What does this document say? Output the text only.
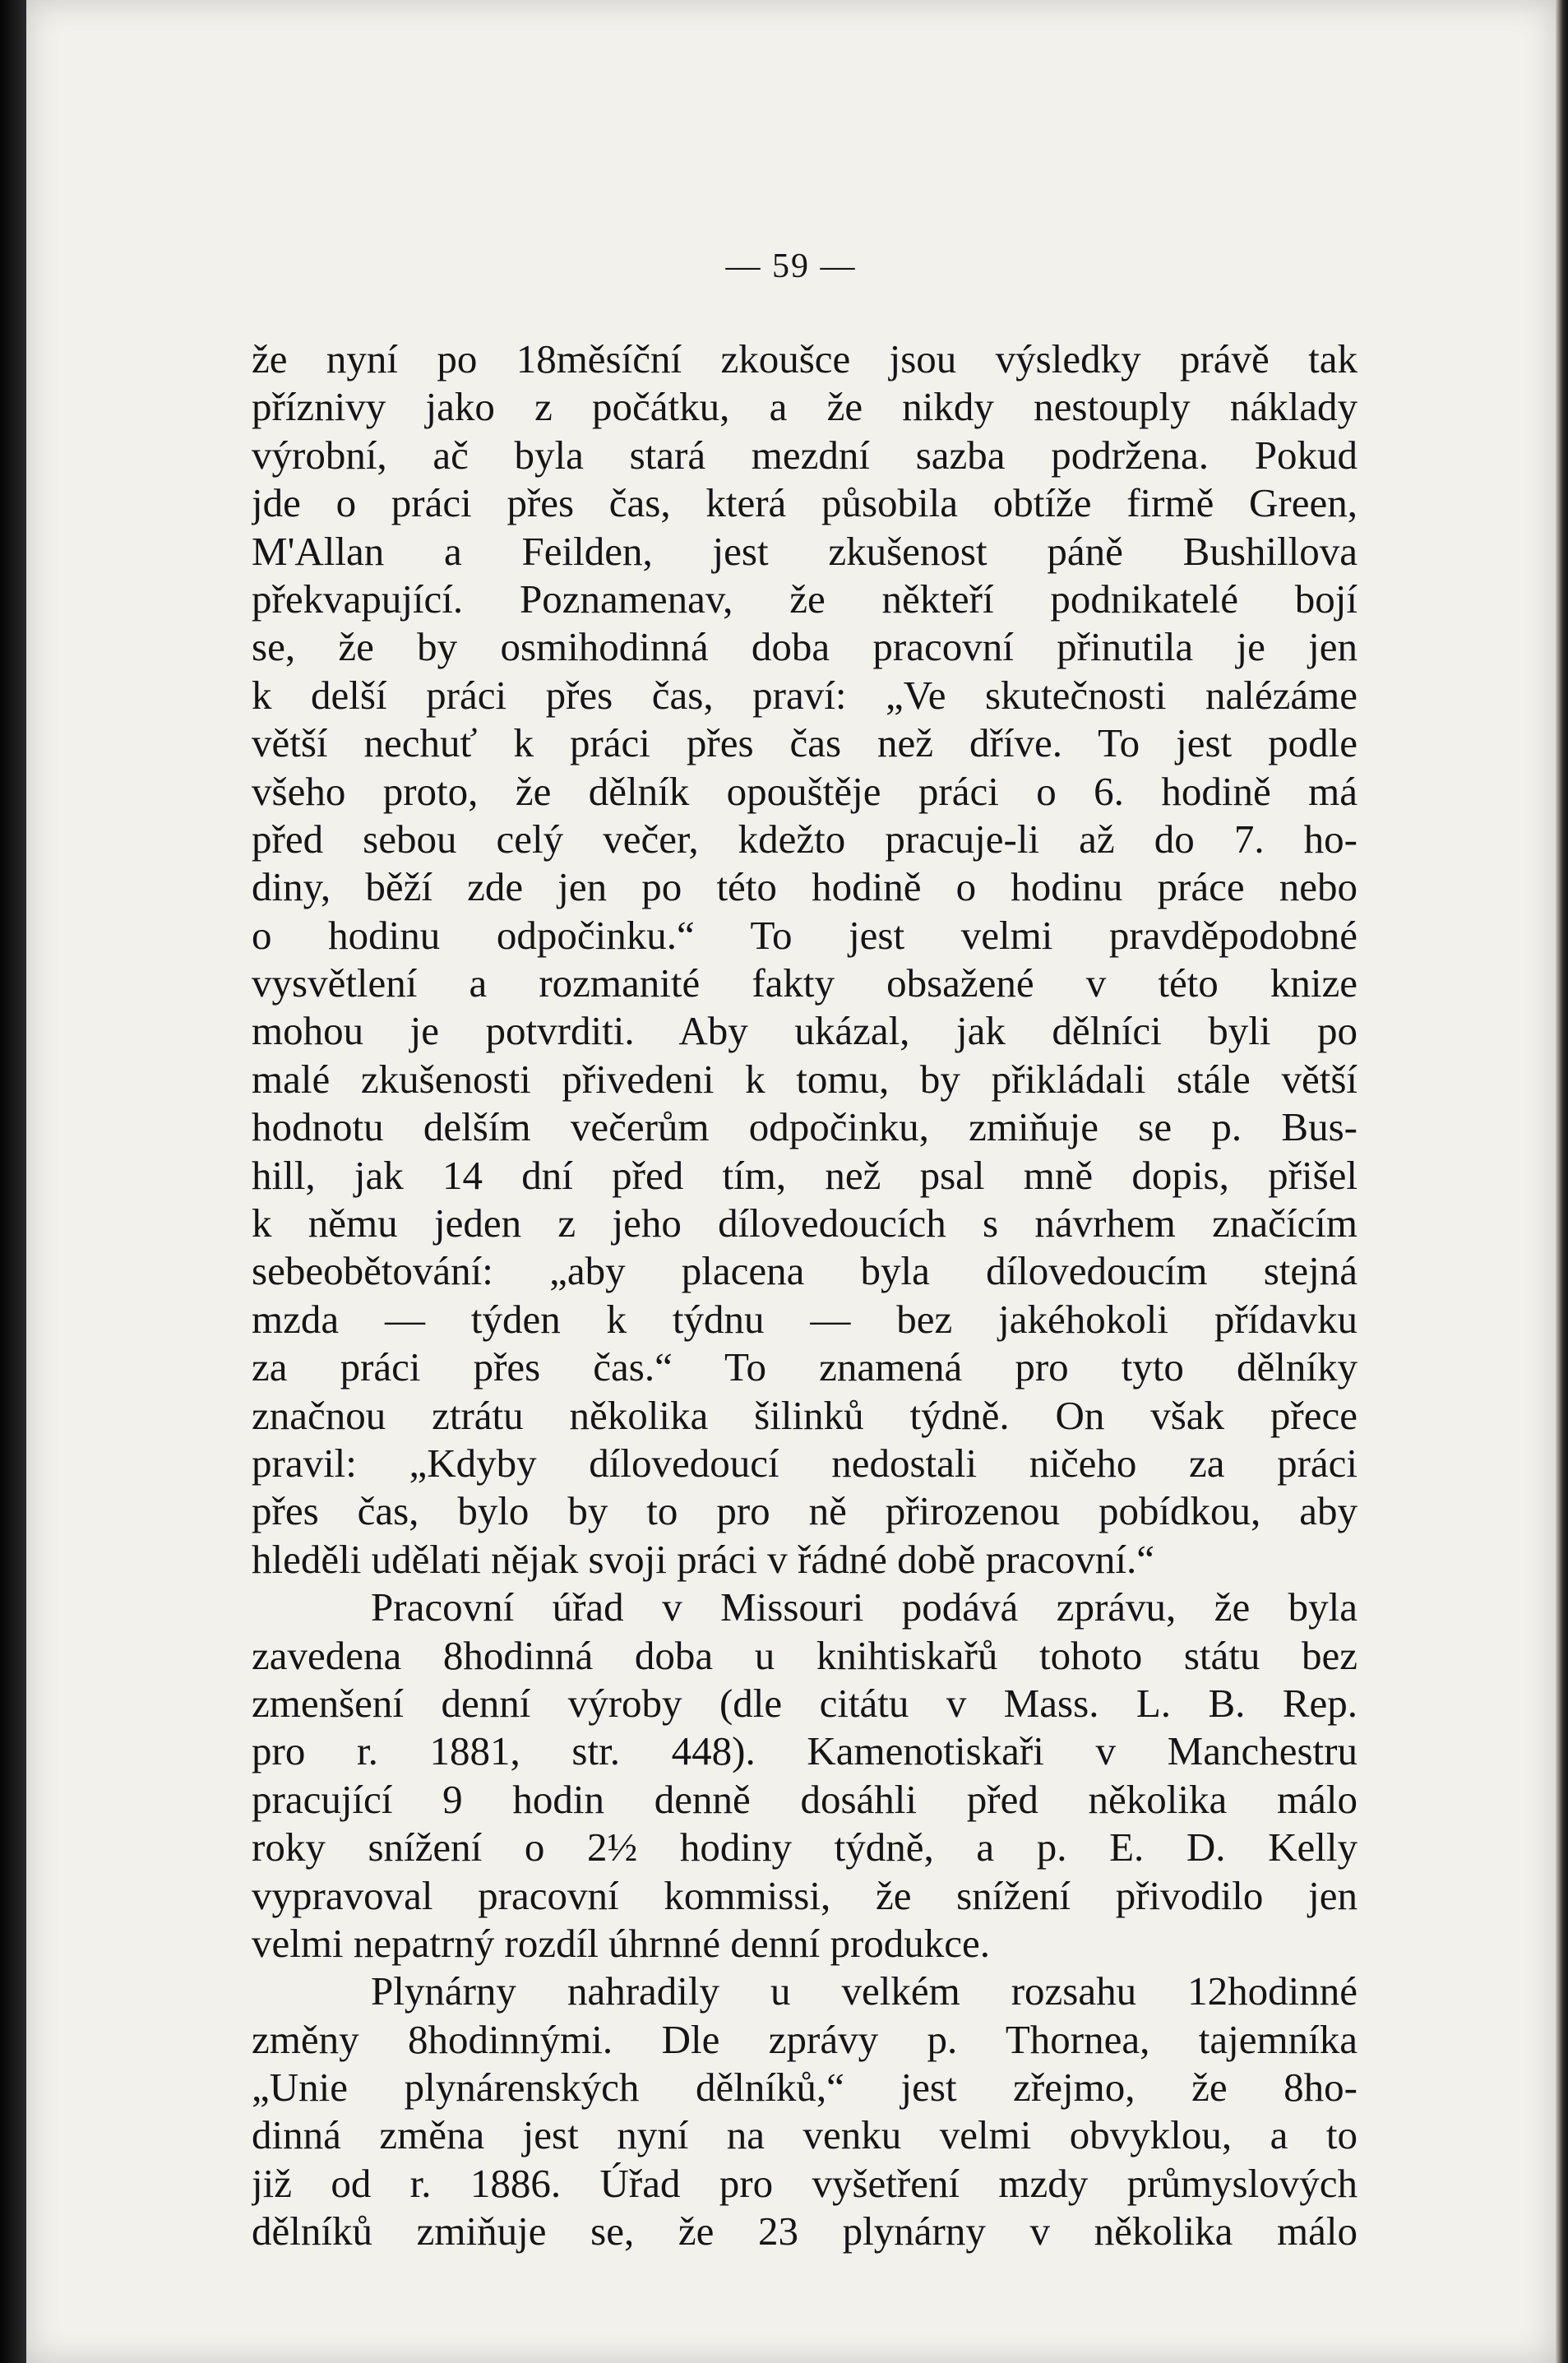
— 59 —
že nyní po 18měsíční zkoušce jsou výsledky právě tak
příznivy jako z počátku, a že nikdy nestouply náklady
výrobní, ač byla stará mezdní sazba podržena. Pokud
jde o práci přes čas, která působila obtíže firmě Green,
M'Allan a Feilden, jest zkušenost páně Bushillova
překvapující. Poznamenav, že někteří podnikatelé bojí
se, že by osmihodinná doba pracovní přinutila je jen
k delší práci přes čas, praví: „Ve skutečnosti nalézáme
větší nechuť k práci přes čas než dříve. To jest podle
všeho proto, že dělník opouštěje práci o 6. hodině má
před sebou celý večer, kdežto pracuje-li až do 7. ho-
diny, běží zde jen po této hodině o hodinu práce nebo
o hodinu odpočinku.“ To jest velmi pravděpodobné
vysvětlení a rozmanité fakty obsažené v této knize
mohou je potvrditi. Aby ukázal, jak dělníci byli po
malé zkušenosti přivedeni k tomu, by přikládali stále větší
hodnotu delším večerům odpočinku, zmiňuje se p. Bus-
hill, jak 14 dní před tím, než psal mně dopis, přišel
k němu jeden z jeho dílovedoucích s návrhem značícím
sebeobětování: „aby placena byla dílovedoucím stejná
mzda — týden k týdnu — bez jakéhokoli přídavku
za práci přes čas.“ To znamená pro tyto dělníky
značnou ztrátu několika šilinků týdně. On však přece
pravil: „Kdyby dílovedoucí nedostali ničeho za práci
přes čas, bylo by to pro ně přirozenou pobídkou, aby
hleděli udělati nějak svoji práci v řádné době pracovní.“
Pracovní úřad v Missouri podává zprávu, že byla
zavedena 8hodinná doba u knihtiskařů tohoto státu bez
zmenšení denní výroby (dle citátu v Mass. L. B. Rep.
pro r. 1881, str. 448). Kamenotiskaři v Manchestru
pracující 9 hodin denně dosáhli před několika málo
roky snížení o 2½ hodiny týdně, a p. E. D. Kelly
vypravoval pracovní kommissi, že snížení přivodilo jen
velmi nepatrný rozdíl úhrnné denní produkce.
Plynárny nahradily u velkém rozsahu 12hodinné
změny 8hodinnými. Dle zprávy p. Thornea, tajemníka
„Unie plynárenských dělníků,“ jest zřejmo, že 8ho-
dinná změna jest nyní na venku velmi obvyklou, a to
již od r. 1886. Úřad pro vyšetření mzdy průmyslových
dělníků zmiňuje se, že 23 plynárny v několika málo
